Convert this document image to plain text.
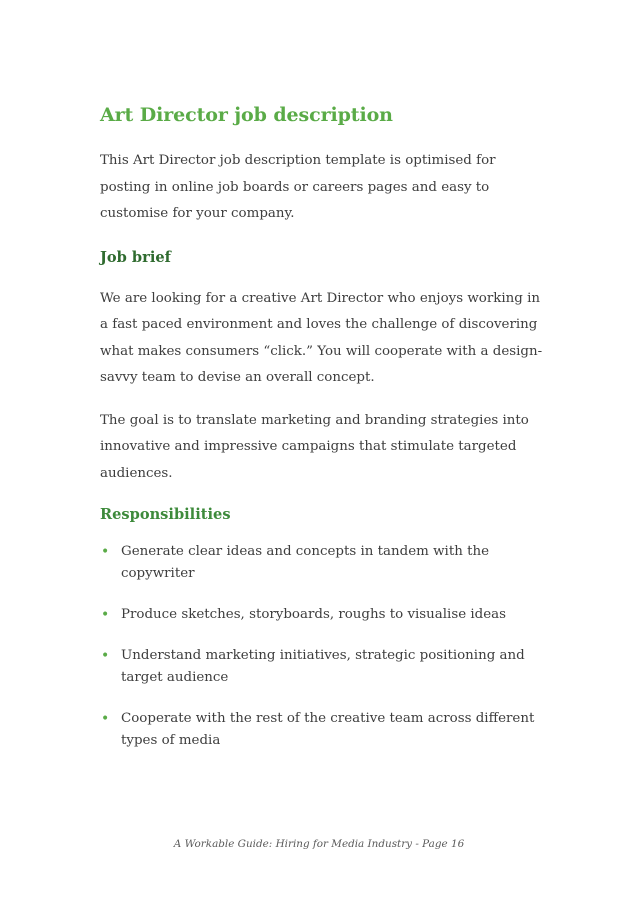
Art Director job description

This Art Director job description template is optimised for posting in online job boards or careers pages and easy to customise for your company.

Job brief

We are looking for a creative Art Director who enjoys working in a fast paced environment and loves the challenge of discovering what makes consumers “click.” You will cooperate with a design-savvy team to devise an overall concept.

The goal is to translate marketing and branding strategies into innovative and impressive campaigns that stimulate targeted audiences.

Responsibilities
• Generate clear ideas and concepts in tandem with the copywriter
• Produce sketches, storyboards, roughs to visualise ideas
• Understand marketing initiatives, strategic positioning and target audience
• Cooperate with the rest of the creative team across different types of media
A Workable Guide: Hiring for Media Industry - Page 16
